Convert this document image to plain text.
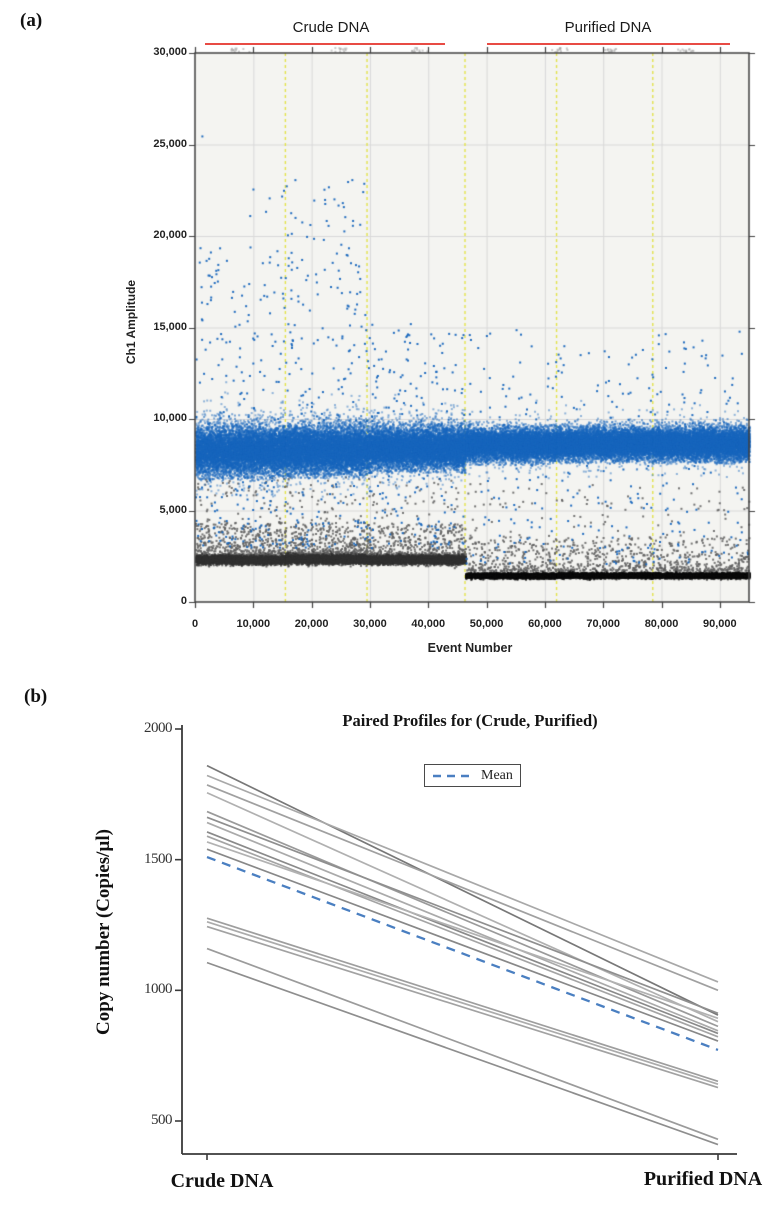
Crude DNA	Purified DNA
Ch1 Amplitude
Event Number
0
5,000
10,000
15,000
20,000
25,000
30,000
0	10,000 20,000 30,000 40,000 50,000 60,000 70,000 80,000 90,000
(b)
Paired Profiles for (Crude, Purified)
Mean
Copy number (Copies/µl)
2000
1500
1000
500
Crude DNA	Purified DNA
